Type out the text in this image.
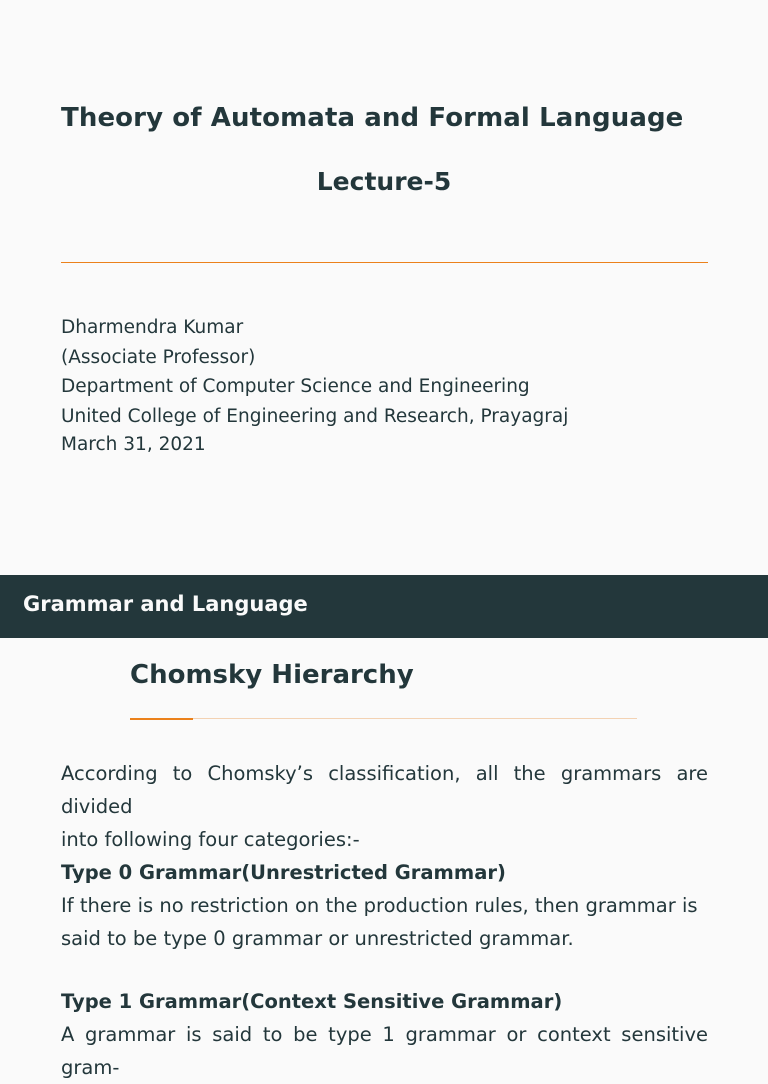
Theory of Automata and Formal Language
Lecture-5
Dharmendra Kumar
(Associate Professor)
Department of Computer Science and Engineering
United College of Engineering and Research, Prayagraj
March 31, 2021
Grammar and Language
Chomsky Hierarchy

According to Chomsky’s classification, all the grammars are divided

into following four categories:-

Type 0 Grammar(Unrestricted Grammar)

If there is no restriction on the production rules, then grammar is

said to be type 0 grammar or unrestricted grammar.

Type 1 Grammar(Context Sensitive Grammar)

A grammar is said to be type 1 grammar or context sensitive gram-
